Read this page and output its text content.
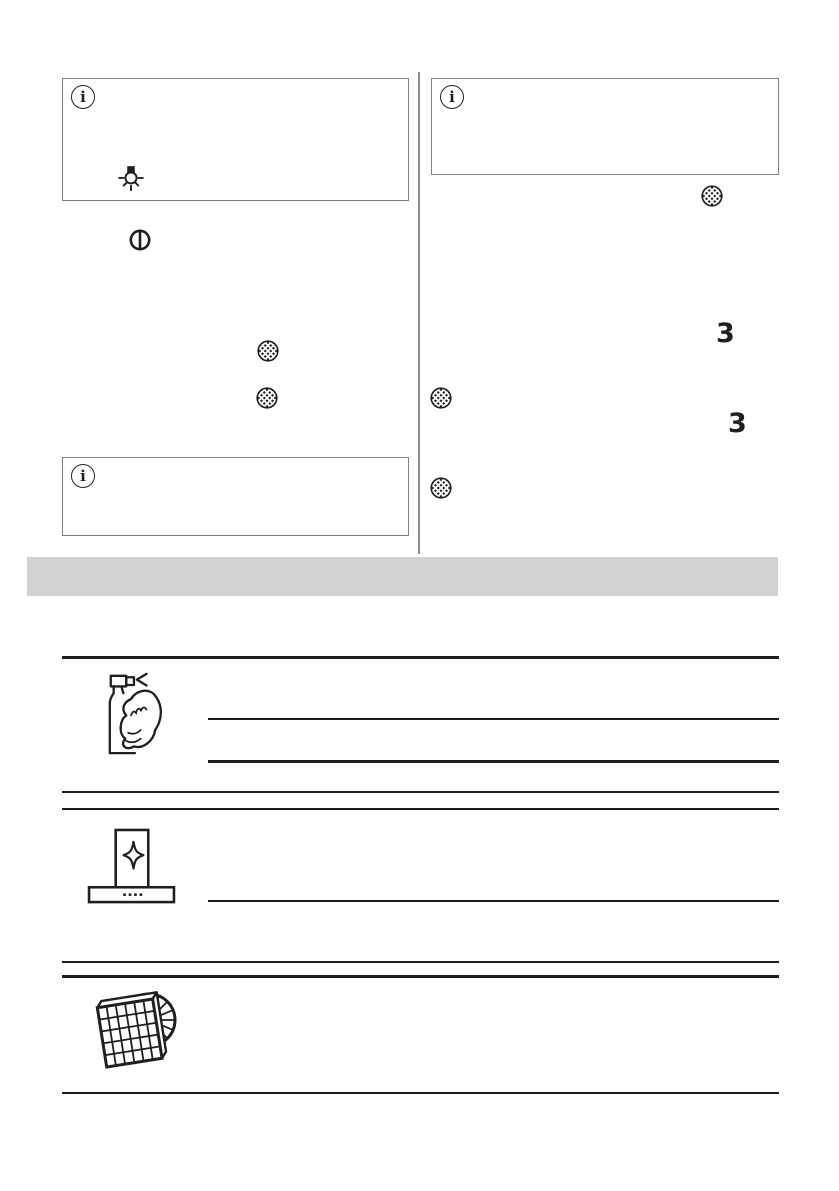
i
i
i
3
3
